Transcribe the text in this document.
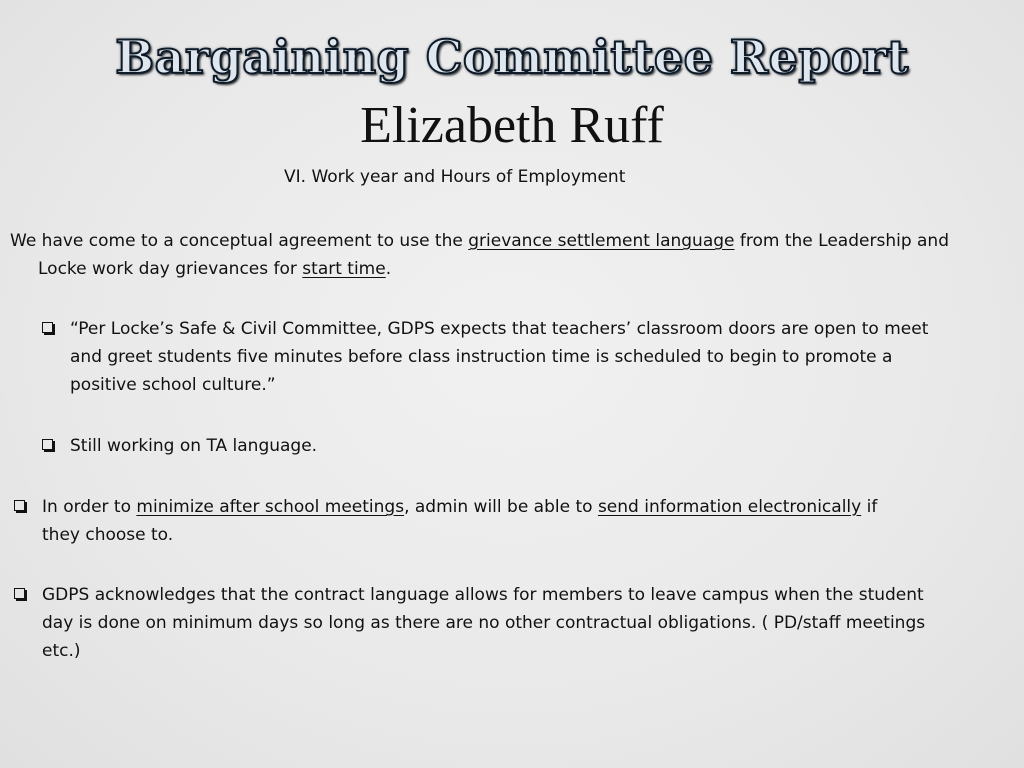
Bargaining Committee Report
Elizabeth Ruff
VI. Work year and Hours of Employment
We have come to a conceptual agreement to use the grievance settlement language from the Leadership and Locke work day grievances for start time.
“Per Locke’s Safe & Civil Committee, GDPS expects that teachers’ classroom doors are open to meet and greet students five minutes before class instruction time is scheduled to begin to promote a positive school culture.”
Still working on TA language.
In order to minimize after school meetings, admin will be able to send information electronically if they choose to.
GDPS acknowledges that the contract language allows for members to leave campus when the student day is done on minimum days so long as there are no other contractual obligations. ( PD/staff meetings etc.)
